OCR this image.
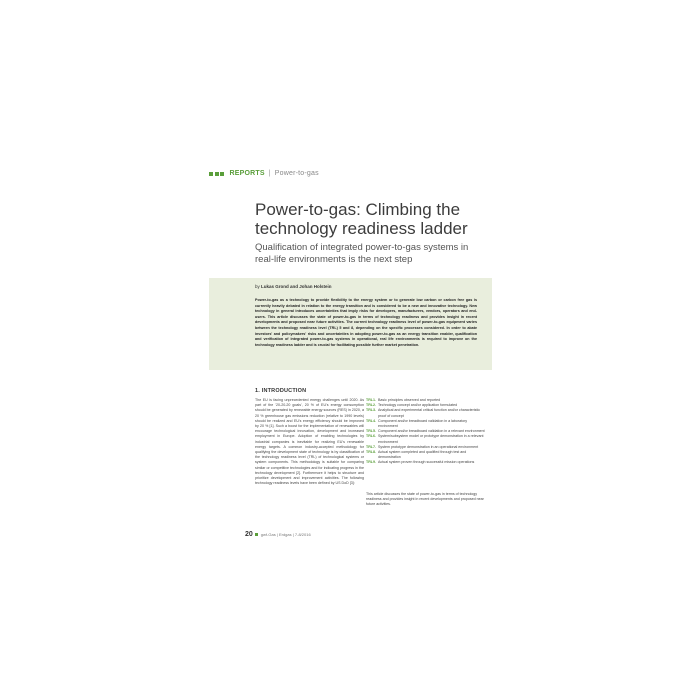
REPORTS | Power-to-gas
Power-to-gas: Climbing the technology readiness ladder

Qualification of integrated power-to-gas systems in real-life environments is the next step

by Lukas Grond and Johan Holstein

Power-to-gas as a technology to provide flexibility to the energy system or to generate low carbon or carbon free gas is currently heavily debated in relation to the energy transition and is considered to be a new and innovative technology. New technology in general introduces uncertainties that imply risks for developers, manufacturers, vendors, operators and end-users. This article discusses the state of power-to-gas in terms of technology readiness and provides insight in recent developments and proposed near future activities. The current technology readiness level of power-to-gas equipment varies between the technology readiness level (TRL) 5 and 8, depending on the specific processes considered. In order to abate investors' and policymakers' risks and uncertainties in adopting power-to-gas as an energy transition enabler, qualification and verification of integrated power-to-gas systems in operational, real life environments is required to improve on the technology readiness ladder and is crucial for facilitating possible further market penetration.

1. INTRODUCTION

The EU is facing unprecedented energy challenges until 2020. As part of the '20-20-20 goals', 20 % of EU's energy consumption should be generated by renewable energy sources (RES) in 2020, a 20 % greenhouse gas emissions reduction (relative to 1990 levels) should be realized and EU's energy efficiency should be improved by 20 % [1]. Such a boost for the implementation of renewables will encourage technological innovation, development and increased employment in Europe. Adoption of enabling technologies by industrial companies is inevitable for realizing EU's renewable energy targets. A common industry-accepted methodology for qualifying the development state of technology is by classification of the technology readiness level (TRL) of technological systems or system components. This methodology is suitable for comparing similar or competitive technologies and for indicating progress in the technology development [2]. Furthermore it helps to structure and prioritize development and improvement activities. The following technology readiness levels have been defined by US DoD [3]:

TRL1. Basic principles observed and reported
TRL2. Technology concept and/or application formulated
TRL3. Analytical and experimental critical function and/or characteristic proof of concept
TRL4. Component and/or breadboard validation in a laboratory environment
TRL5. Component and/or breadboard validation in a relevant environment
TRL6. System/subsystem model or prototype demonstration in a relevant environment
TRL7. System prototype demonstration in an operational environment
TRL8. Actual system completed and qualified through test and demonstration
TRL9. Actual system proven through successful mission operations

This article discusses the state of power-to-gas in terms of technology readiness and provides insight in recent developments and proposed near future activities.

20 gwf-Gas | Erdgas | 7-8/2016
